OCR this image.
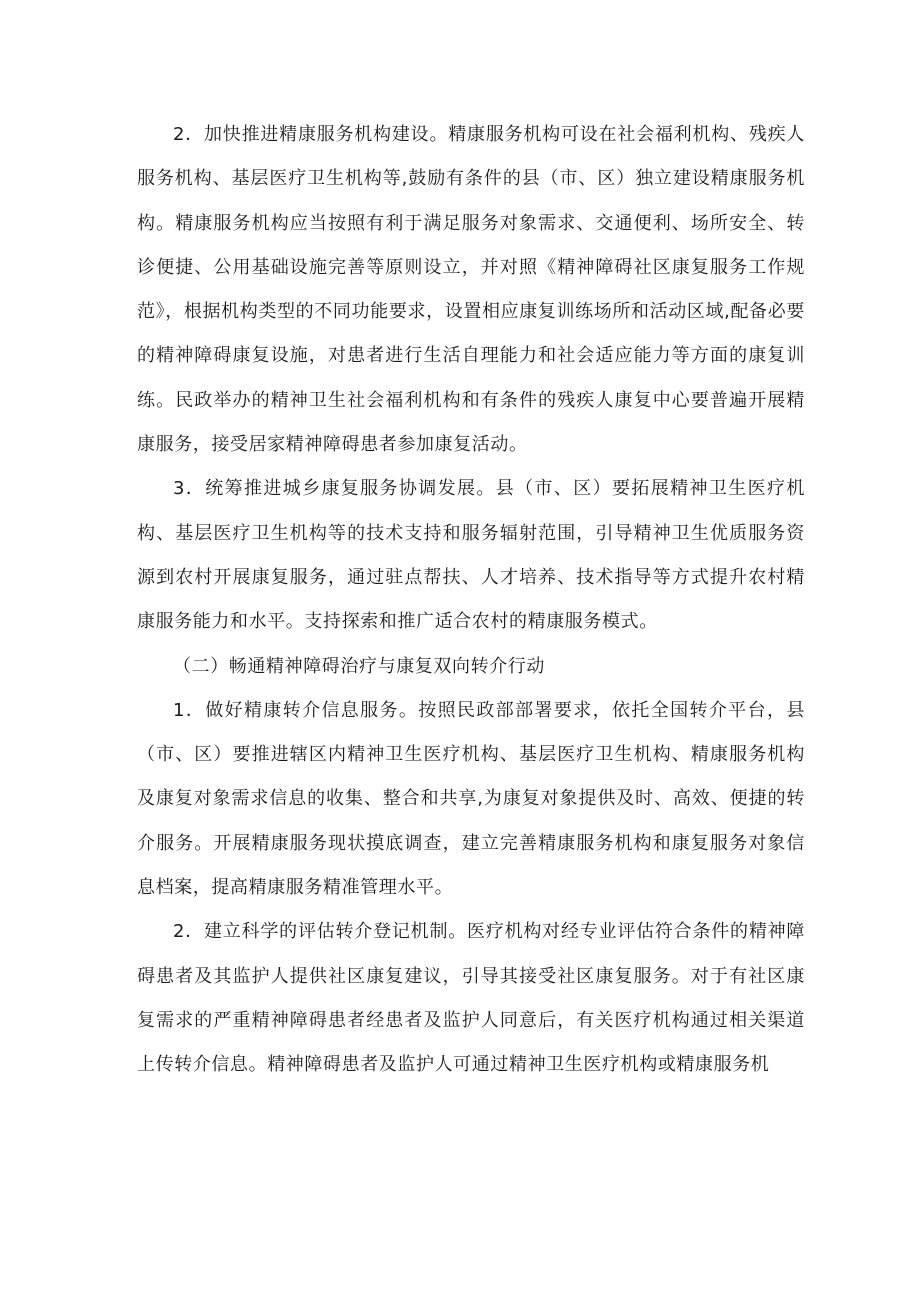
2．加快推进精康服务机构建设。精康服务机构可设在社会福利机构、残疾人服务机构、基层医疗卫生机构等,鼓励有条件的县（市、区）独立建设精康服务机构。精康服务机构应当按照有利于满足服务对象需求、交通便利、场所安全、转诊便捷、公用基础设施完善等原则设立，并对照《精神障碍社区康复服务工作规范》，根据机构类型的不同功能要求，设置相应康复训练场所和活动区域,配备必要的精神障碍康复设施，对患者进行生活自理能力和社会适应能力等方面的康复训练。民政举办的精神卫生社会福利机构和有条件的残疾人康复中心要普遍开展精康服务，接受居家精神障碍患者参加康复活动。

3．统筹推进城乡康复服务协调发展。县（市、区）要拓展精神卫生医疗机构、基层医疗卫生机构等的技术支持和服务辐射范围，引导精神卫生优质服务资源到农村开展康复服务，通过驻点帮扶、人才培养、技术指导等方式提升农村精康服务能力和水平。支持探索和推广适合农村的精康服务模式。

（二）畅通精神障碍治疗与康复双向转介行动

1．做好精康转介信息服务。按照民政部部署要求，依托全国转介平台，县（市、区）要推进辖区内精神卫生医疗机构、基层医疗卫生机构、精康服务机构及康复对象需求信息的收集、整合和共享,为康复对象提供及时、高效、便捷的转介服务。开展精康服务现状摸底调查，建立完善精康服务机构和康复服务对象信息档案，提高精康服务精准管理水平。

2．建立科学的评估转介登记机制。医疗机构对经专业评估符合条件的精神障碍患者及其监护人提供社区康复建议，引导其接受社区康复服务。对于有社区康复需求的严重精神障碍患者经患者及监护人同意后，有关医疗机构通过相关渠道上传转介信息。精神障碍患者及监护人可通过精神卫生医疗机构或精康服务机
